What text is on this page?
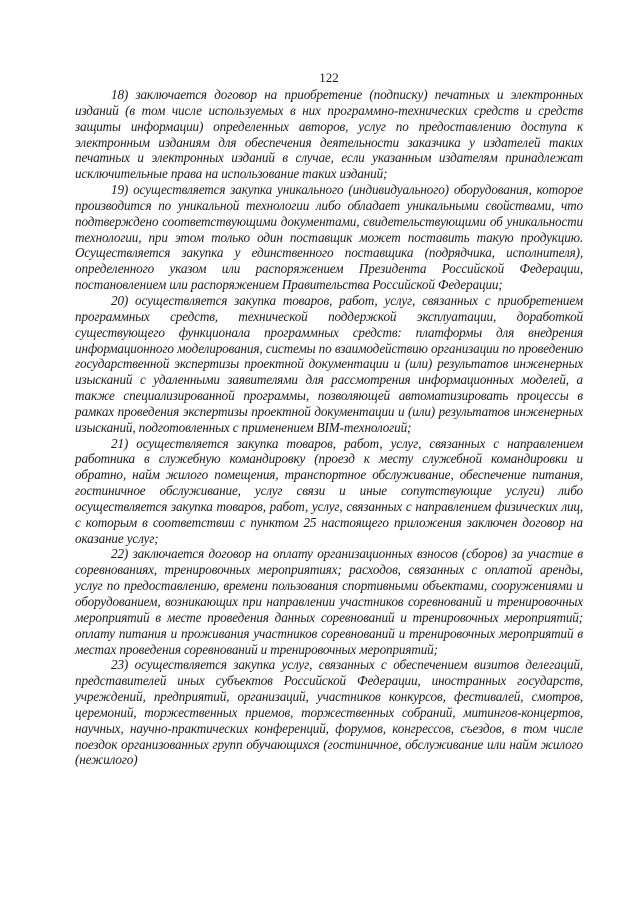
122

18) заключается договор на приобретение (подписку) печатных и электронных изданий (в том числе используемых в них программно-технических средств и средств защиты информации) определенных авторов, услуг по предоставлению доступа к электронным изданиям для обеспечения деятельности заказчика у издателей таких печатных и электронных изданий в случае, если указанным издателям принадлежат исключительные права на использование таких изданий;

19) осуществляется закупка уникального (индивидуального) оборудования, которое производится по уникальной технологии либо обладает уникальными свойствами, что подтверждено соответствующими документами, свидетельствующими об уникальности технологии, при этом только один поставщик может поставить такую продукцию. Осуществляется закупка у единственного поставщика (подрядчика, исполнителя), определенного указом или распоряжением Президента Российской Федерации, постановлением или распоряжением Правительства Российской Федерации;

20) осуществляется закупка товаров, работ, услуг, связанных с приобретением программных средств, технической поддержкой эксплуатации, доработкой существующего функционала программных средств: платформы для внедрения информационного моделирования, системы по взаимодействию организации по проведению государственной экспертизы проектной документации и (или) результатов инженерных изысканий с удаленными заявителями для рассмотрения информационных моделей, а также специализированной программы, позволяющей автоматизировать процессы в рамках проведения экспертизы проектной документации и (или) результатов инженерных изысканий, подготовленных с применением BIM-технологий;

21) осуществляется закупка товаров, работ, услуг, связанных с направлением работника в служебную командировку (проезд к месту служебной командировки и обратно, найм жилого помещения, транспортное обслуживание, обеспечение питания, гостиничное обслуживание, услуг связи и иные сопутствующие услуги) либо осуществляется закупка товаров, работ, услуг, связанных с направлением физических лиц, с которым в соответствии с пунктом 25 настоящего приложения заключен договор на оказание услуг;

22) заключается договор на оплату организационных взносов (сборов) за участие в соревнованиях, тренировочных мероприятиях; расходов, связанных с оплатой аренды, услуг по предоставлению, времени пользования спортивными объектами, сооружениями и оборудованием, возникающих при направлении участников соревнований и тренировочных мероприятий в месте проведения данных соревнований и тренировочных мероприятий; оплату питания и проживания участников соревнований и тренировочных мероприятий в местах проведения соревнований и тренировочных мероприятий;

23) осуществляется закупка услуг, связанных с обеспечением визитов делегаций, представителей иных субъектов Российской Федерации, иностранных государств, учреждений, предприятий, организаций, участников конкурсов, фестивалей, смотров, церемоний, торжественных приемов, торжественных собраний, митингов-концертов, научных, научно-практических конференций, форумов, конгрессов, съездов, в том числе поездок организованных групп обучающихся (гостиничное, обслуживание или найм жилого (нежилого)
